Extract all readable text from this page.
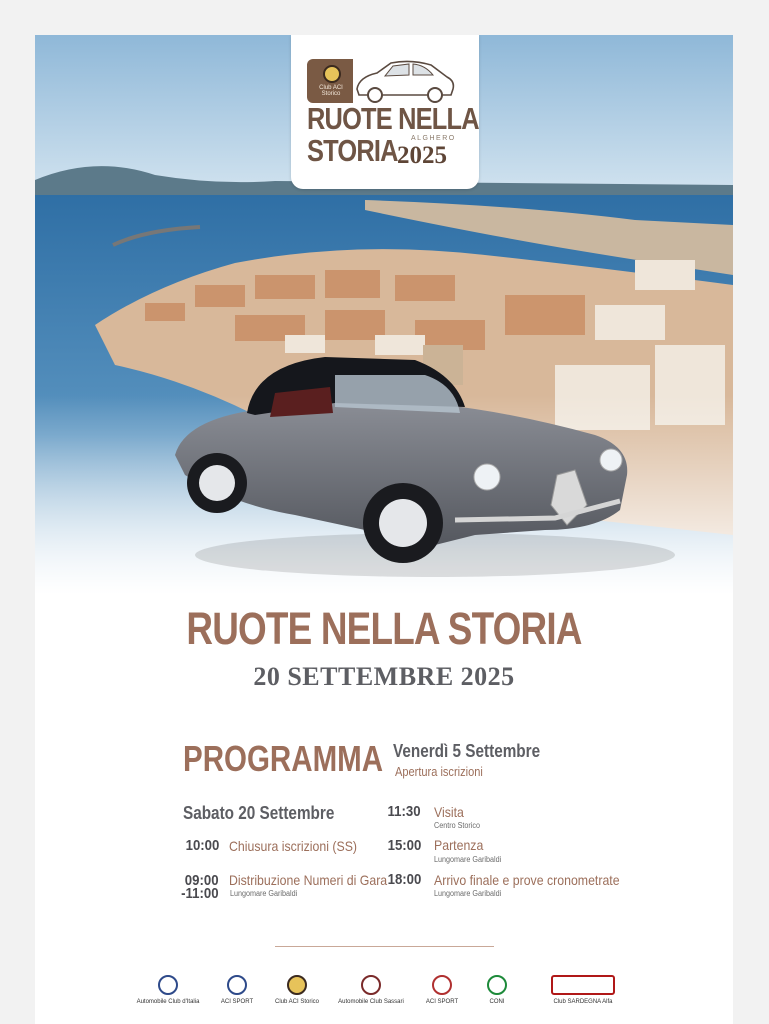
Club ACI Storico
RUOTE NELLA
STORIA ALGHERO
2025
RUOTE NELLA STORIA
20 SETTEMBRE 2025
PROGRAMMA Venerdì 5 Settembre
Apertura iscrizioni
Sabato 20 Settembre
10:00 Chiusura iscrizioni (SS)
09:00
-11:00
Distribuzione Numeri di Gara
Lungomare Garibaldi
11:30 Visita
Centro Storico
15:00 Partenza
Lungomare Garibaldi
18:00 Arrivo finale e prove cronometrate
Lungomare Garibaldi
Automobile Club d'Italia	ACI SPORT	Club ACI Storico	Automobile Club Sassari	ACI SPORT	CONI	Club SARDEGNA Alfa
